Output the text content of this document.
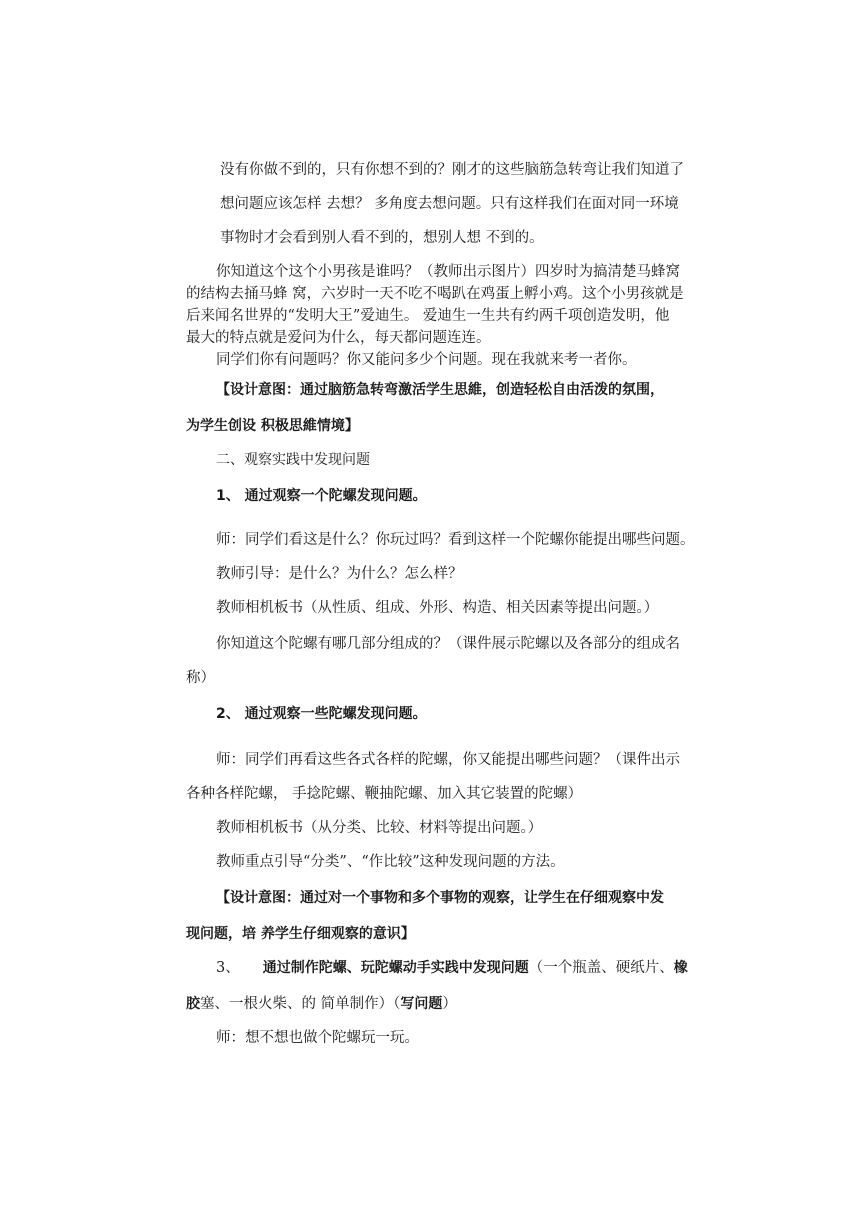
没有你做不到的，只有你想不到的？刚才的这些脑筋急转弯让我们知道了
想问题应该怎样 去想？ 多角度去想问题。只有这样我们在面对同一环境
事物时才会看到别人看不到的，想别人想 不到的。
你知道这个这个小男孩是谁吗？（教师出示图片）四岁时为搞清楚马蜂窝
的结构去捅马蜂 窝，六岁时一天不吃不喝趴在鸡蛋上孵小鸡。这个小男孩就是
后来闻名世界的“发明大王”爱迪生。 爱迪生一生共有约两千项创造发明，他
最大的特点就是爱问为什么，每天都问题连连。
同学们你有问题吗？你又能问多少个问题。现在我就来考一者你。
【设计意图：通过脑筋急转弯激活学生思維，创造轻松自由活泼的氛围，
为学生创设 积极思維情境】
二、观察实践中发现问题
1、 通过观察一个陀螺发现问题。
师：同学们看这是什么？你玩过吗？看到这样一个陀螺你能提出哪些问题。
教师引导：是什么？为什么？怎么样？
教师相机板书（从性质、组成、外形、构造、相关因素等提出问题。）
你知道这个陀螺有哪几部分组成的？（课件展示陀螺以及各部分的组成名
称）
2、 通过观察一些陀螺发现问题。
师：同学们再看这些各式各样的陀螺，你又能提出哪些问题？（课件出示
各种各样陀螺， 手捻陀螺、鞭抽陀螺、加入其它装置的陀螺）
教师相机板书（从分类、比较、材料等提出问题。）
教师重点引导“分类”、“作比较”这种发现问题的方法。
【设计意图：通过对一个事物和多个事物的观察，让学生在仔细观察中发
现问题，培 养学生仔细观察的意识】
3、 通过制作陀螺、玩陀螺动手实践中发现问题（一个瓶盖、硬纸片、橡
胶塞、一根火柴、的 简单制作）（写问题）
师：想不想也做个陀螺玩一玩。
